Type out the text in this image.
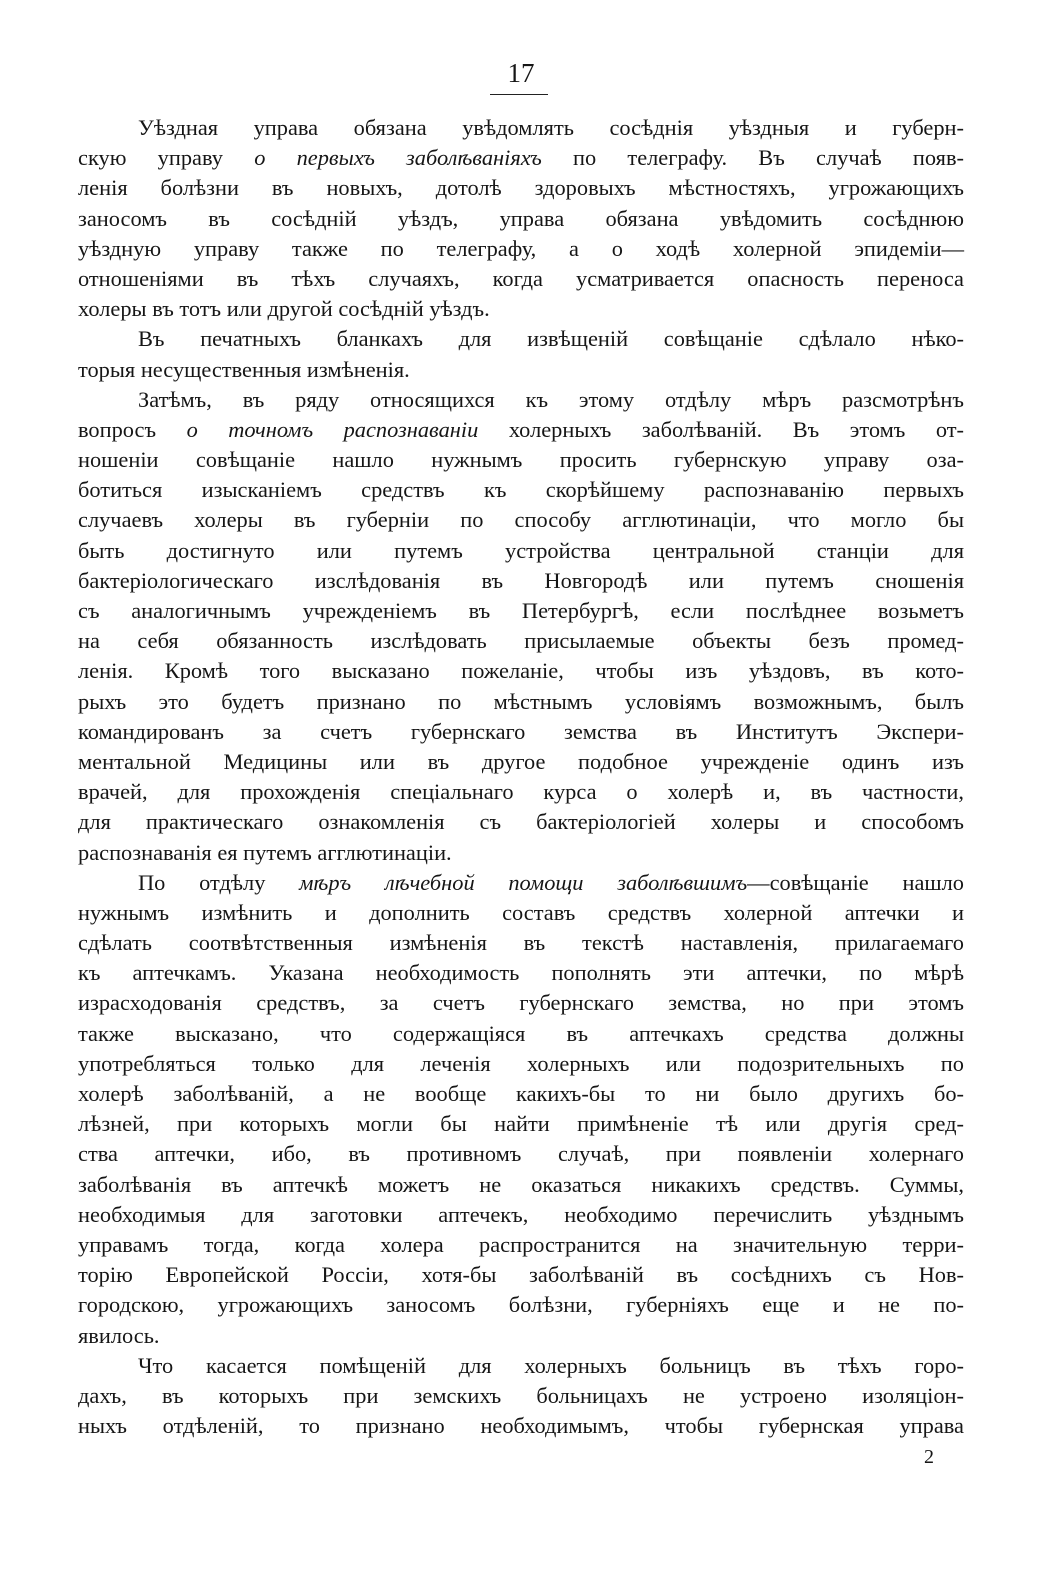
17
Уѣздная управа обязана увѣдомлять сосѣднія уѣздныя и губерн-
скую управу о первыхъ заболѣваніяхъ по телеграфу. Въ случаѣ появ-
ленія болѣзни въ новыхъ, дотолѣ здоровыхъ мѣстностяхъ, угрожающихъ
заносомъ въ сосѣдній уѣздъ, управа обязана увѣдомить сосѣднюю
уѣздную управу также по телеграфу, а о ходѣ холерной эпидеміи—
отношеніями въ тѣхъ случаяхъ, когда усматривается опасность переноса
холеры въ тотъ или другой сосѣдній уѣздъ.
Въ печатныхъ бланкахъ для извѣщеній совѣщаніе сдѣлало нѣко-
торыя несущественныя измѣненія.
Затѣмъ, въ ряду относящихся къ этому отдѣлу мѣръ разсмотрѣнъ
вопросъ о точномъ распознаваніи холерныхъ заболѣваній. Въ этомъ от-
ношеніи совѣщаніе нашло нужнымъ просить губернскую управу оза-
ботиться изысканіемъ средствъ къ скорѣйшему распознаванію первыхъ
случаевъ холеры въ губерніи по способу агглютинаціи, что могло бы
быть достигнуто или путемъ устройства центральной станціи для
бактеріологическаго изслѣдованія въ Новгородѣ или путемъ сношенія
съ аналогичнымъ учрежденіемъ въ Петербургѣ, если послѣднее возьметъ
на себя обязанность изслѣдовать присылаемые объекты безъ промед-
ленія. Кромѣ того высказано пожеланіе, чтобы изъ уѣздовъ, въ кото-
рыхъ это будетъ признано по мѣстнымъ условіямъ возможнымъ, былъ
командированъ за счетъ губернскаго земства въ Институтъ Экспери-
ментальной Медицины или въ другое подобное учрежденіе одинъ изъ
врачей, для прохожденія спеціальнаго курса о холерѣ и, въ частности,
для практическаго ознакомленія съ бактеріологіей холеры и способомъ
распознаванія ея путемъ агглютинаціи.
По отдѣлу мѣръ лѣчебной помощи заболѣвшимъ—совѣщаніе нашло
нужнымъ измѣнить и дополнить составъ средствъ холерной аптечки и
сдѣлать соотвѣтственныя измѣненія въ текстѣ наставленія, прилагаемаго
къ аптечкамъ. Указана необходимость пополнять эти аптечки, по мѣрѣ
израсходованія средствъ, за счетъ губернскаго земства, но при этомъ
также высказано, что содержащіяся въ аптечкахъ средства должны
употребляться только для леченія холерныхъ или подозрительныхъ по
холерѣ заболѣваній, а не вообще какихъ-бы то ни было другихъ бо-
лѣзней, при которыхъ могли бы найти примѣненіе тѣ или другія сред-
ства аптечки, ибо, въ противномъ случаѣ, при появленіи холернаго
заболѣванія въ аптечкѣ можетъ не оказаться никакихъ средствъ. Суммы,
необходимыя для заготовки аптечекъ, необходимо перечислить уѣзднымъ
управамъ тогда, когда холера распространится на значительную терри-
торію Европейской Россіи, хотя-бы заболѣваній въ сосѣднихъ съ Нов-
городскою, угрожающихъ заносомъ болѣзни, губерніяхъ еще и не по-
явилось.
Что касается помѣщеній для холерныхъ больницъ въ тѣхъ горо-
дахъ, въ которыхъ при земскихъ больницахъ не устроено изоляціон-
ныхъ отдѣленій, то признано необходимымъ, чтобы губернская управа
2
